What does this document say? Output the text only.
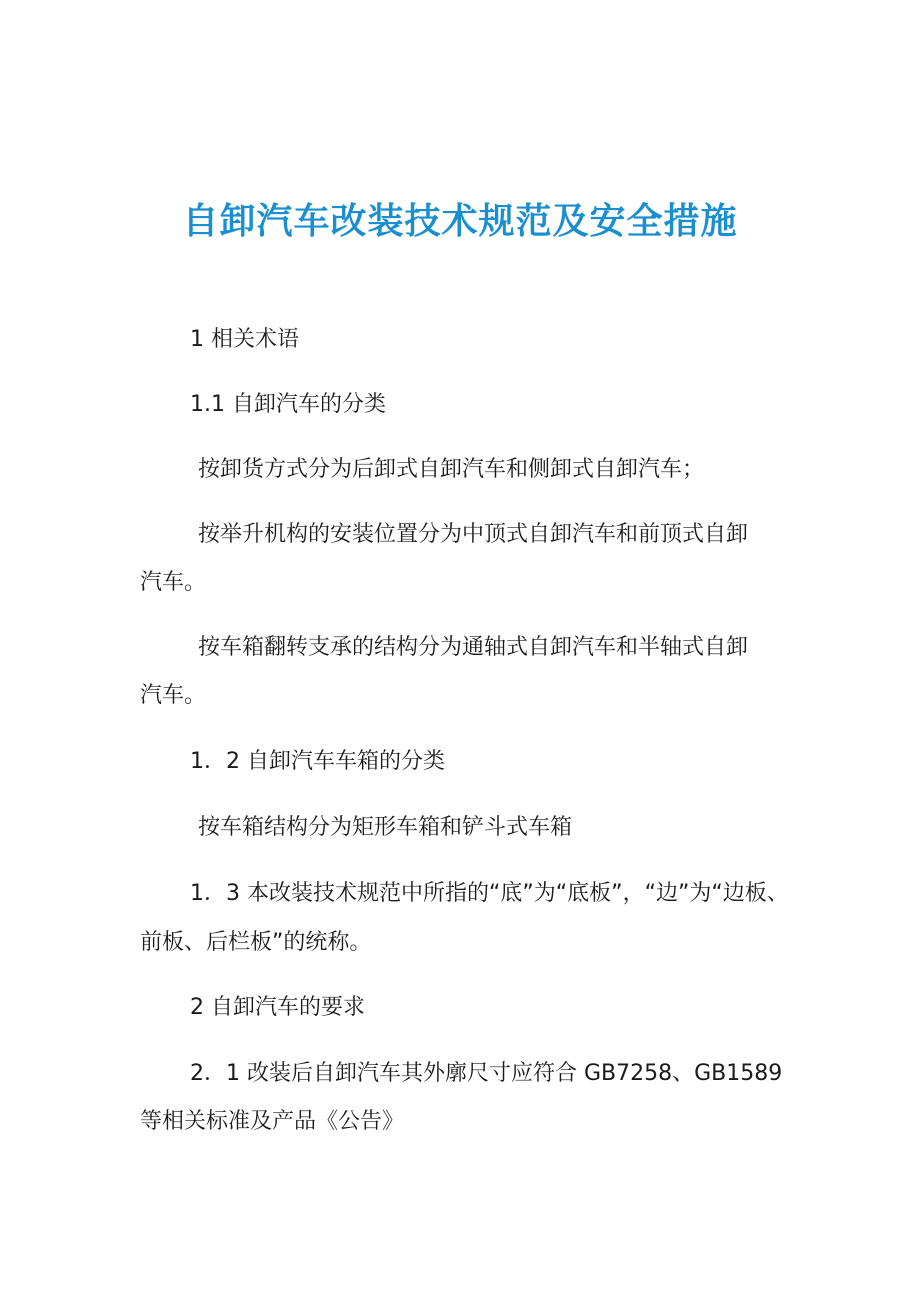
自卸汽车改装技术规范及安全措施
1 相关术语
1.1 自卸汽车的分类
按卸货方式分为后卸式自卸汽车和侧卸式自卸汽车；
按举升机构的安装位置分为中顶式自卸汽车和前顶式自卸
汽车。
按车箱翻转支承的结构分为通轴式自卸汽车和半轴式自卸
汽车。
1．2 自卸汽车车箱的分类
按车箱结构分为矩形车箱和铲斗式车箱
1．3 本改装技术规范中所指的“底”为“底板”，“边”为“边板、
前板、后栏板”的统称。
2 自卸汽车的要求
2．1 改装后自卸汽车其外廓尺寸应符合 GB7258、GB1589
等相关标准及产品《公告》
